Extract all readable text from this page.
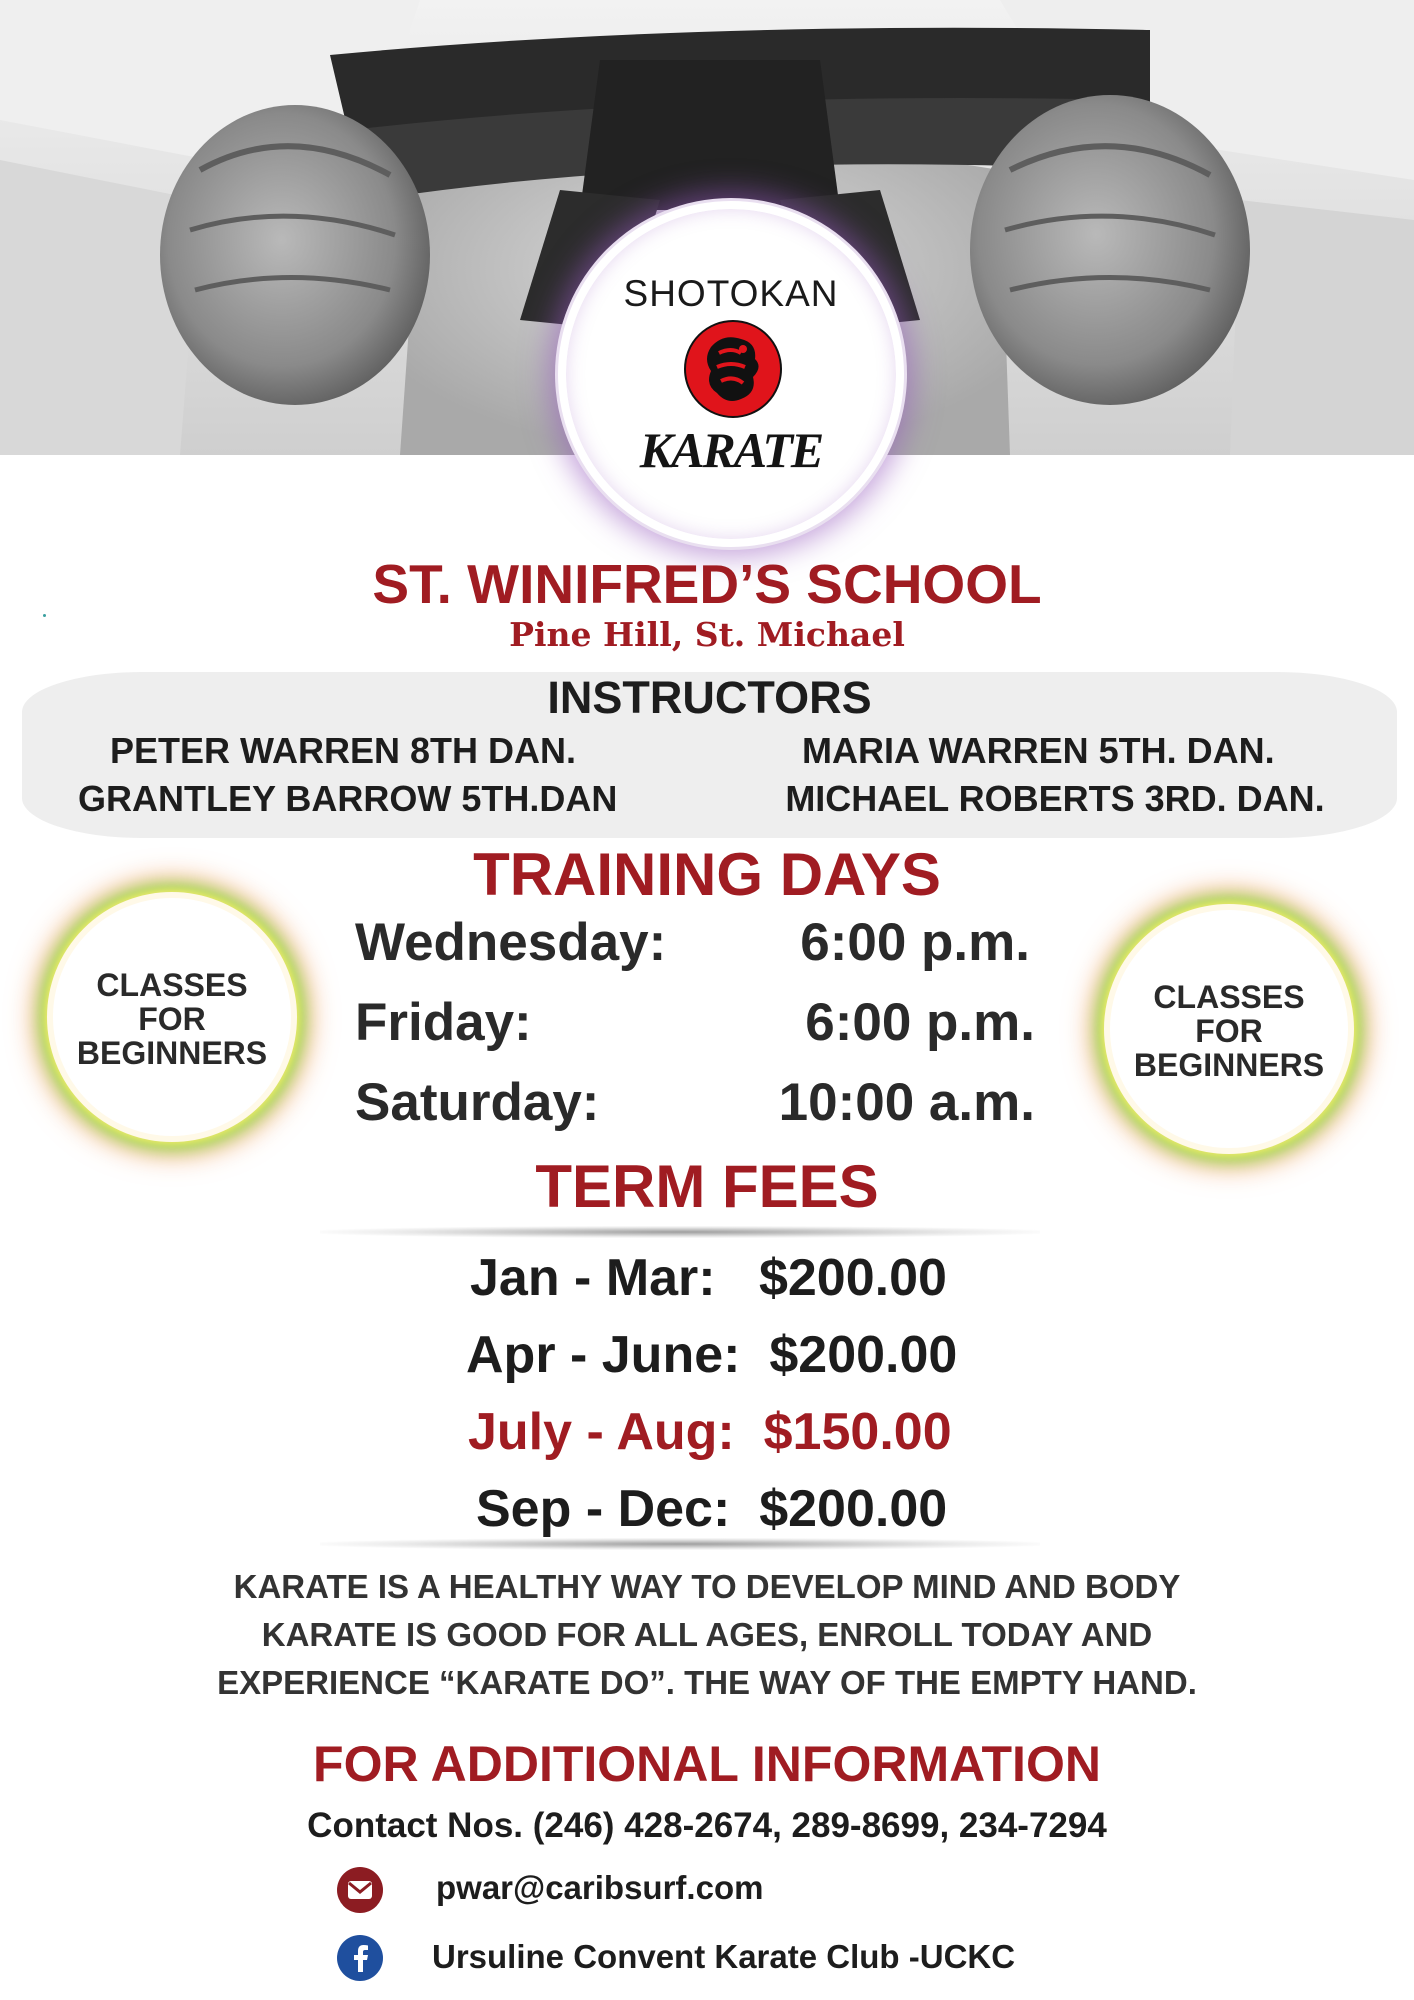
SHOTOKAN
KARATE
ST. WINIFRED’S SCHOOL
Pine Hill, St. Michael
INSTRUCTORS
PETER WARREN 8TH DAN.	MARIA WARREN 5TH. DAN.
GRANTLEY BARROW 5TH.DAN	MICHAEL ROBERTS 3RD. DAN.
TRAINING DAYS
Wednesday:	6:00 p.m.
Friday:	6:00 p.m.
Saturday:	10:00 a.m.
CLASSES
FOR
BEGINNERS
CLASSES
FOR
BEGINNERS
TERM FEES
Jan - Mar: $200.00
Apr - June: $200.00
July - Aug: $150.00
Sep - Dec: $200.00
KARATE IS A HEALTHY WAY TO DEVELOP MIND AND BODY
KARATE IS GOOD FOR ALL AGES, ENROLL TODAY AND
EXPERIENCE “KARATE DO”. THE WAY OF THE EMPTY HAND.
FOR ADDITIONAL INFORMATION
Contact Nos. (246) 428-2674, 289-8699, 234-7294
pwar@caribsurf.com
Ursuline Convent Karate Club -UCKC
